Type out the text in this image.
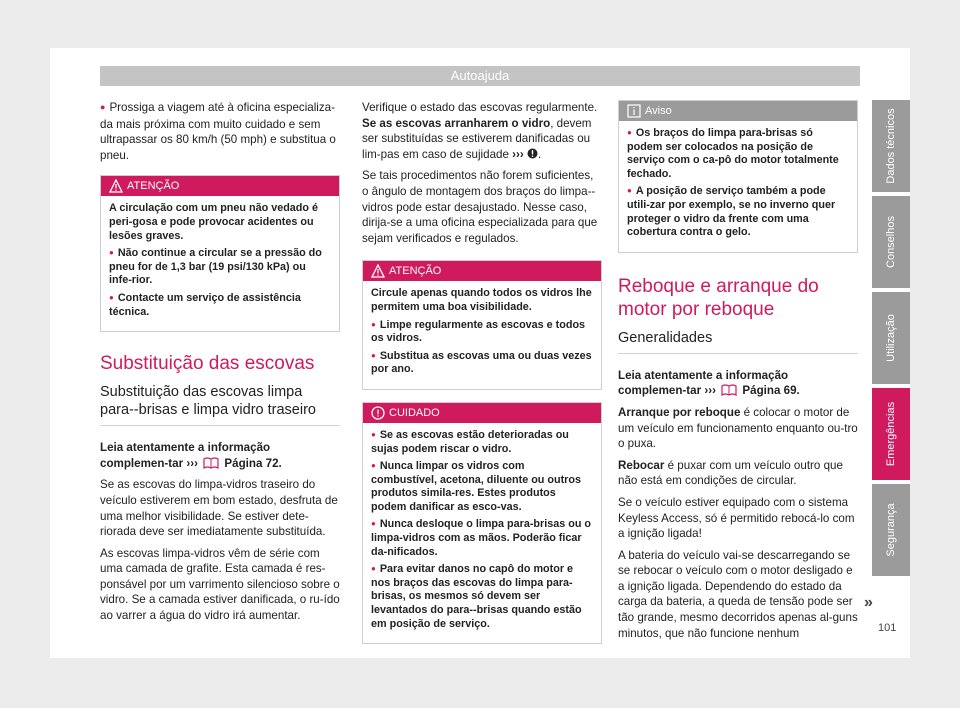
Autoajuda

● Prossiga a viagem até à oficina especializa-da mais próxima com muito cuidado e sem ultrapassar os 80 km/h (50 mph) e substitua o pneu.

ATENÇÃO

A circulação com um pneu não vedado é peri-gosa e pode provocar acidentes ou lesões graves.

● Não continue a circular se a pressão do pneu for de 1,3 bar (19 psi/130 kPa) ou infe-rior.

● Contacte um serviço de assistência técnica.

Substituição das escovas
Substituição das escovas limpa para--brisas e limpa vidro traseiro

Leia atentamente a informação complemen-tar ››› Página 72.

Se as escovas do limpa-vidros traseiro do veículo estiverem em bom estado, desfruta de uma melhor visibilidade. Se estiver dete-riorada deve ser imediatamente substituída.

As escovas limpa-vidros vêm de série com uma camada de grafite. Esta camada é res-ponsável por um varrimento silencioso sobre o vidro. Se a camada estiver danificada, o ru-ído ao varrer a água do vidro irá aumentar.

Verifique o estado das escovas regularmente. Se as escovas arranharem o vidro, devem ser substituídas se estiverem danificadas ou lim-pas em caso de sujidade ››› .

Se tais procedimentos não forem suficientes, o ângulo de montagem dos braços do limpa--vidros pode estar desajustado. Nesse caso, dirija-se a uma oficina especializada para que sejam verificados e regulados.

ATENÇÃO

Circule apenas quando todos os vidros lhe permitem uma boa visibilidade.

● Limpe regularmente as escovas e todos os vidros.

● Substitua as escovas uma ou duas vezes por ano.

CUIDADO

● Se as escovas estão deterioradas ou sujas podem riscar o vidro.

● Nunca limpar os vidros com combustível, acetona, diluente ou outros produtos simila-res. Estes produtos podem danificar as esco-vas.

● Nunca desloque o limpa para-brisas ou o limpa-vidros com as mãos. Poderão ficar da-nificados.

● Para evitar danos no capô do motor e nos braços das escovas do limpa para-brisas, os mesmos só devem ser levantados do para--brisas quando estão em posição de serviço.

Aviso

● Os braços do limpa para-brisas só podem ser colocados na posição de serviço com o ca-pô do motor totalmente fechado.

● A posição de serviço também a pode utili-zar por exemplo, se no inverno quer proteger o vidro da frente com uma cobertura contra o gelo.

Reboque e arranque do motor por reboque
Generalidades

Leia atentamente a informação complemen-tar ››› Página 69.

Arranque por reboque é colocar o motor de um veículo em funcionamento enquanto ou-tro o puxa.

Rebocar é puxar com um veículo outro que não está em condições de circular.

Se o veículo estiver equipado com o sistema Keyless Access, só é permitido rebocá-lo com a ignição ligada!

A bateria do veículo vai-se descarregando se se rebocar o veículo com o motor desligado e a ignição ligada. Dependendo do estado da carga da bateria, a queda de tensão pode ser tão grande, mesmo decorridos apenas al-guns minutos, que não funcione nenhum

Dados técnicos
Conselhos
Utilização
Emergências
Segurança
»
101
